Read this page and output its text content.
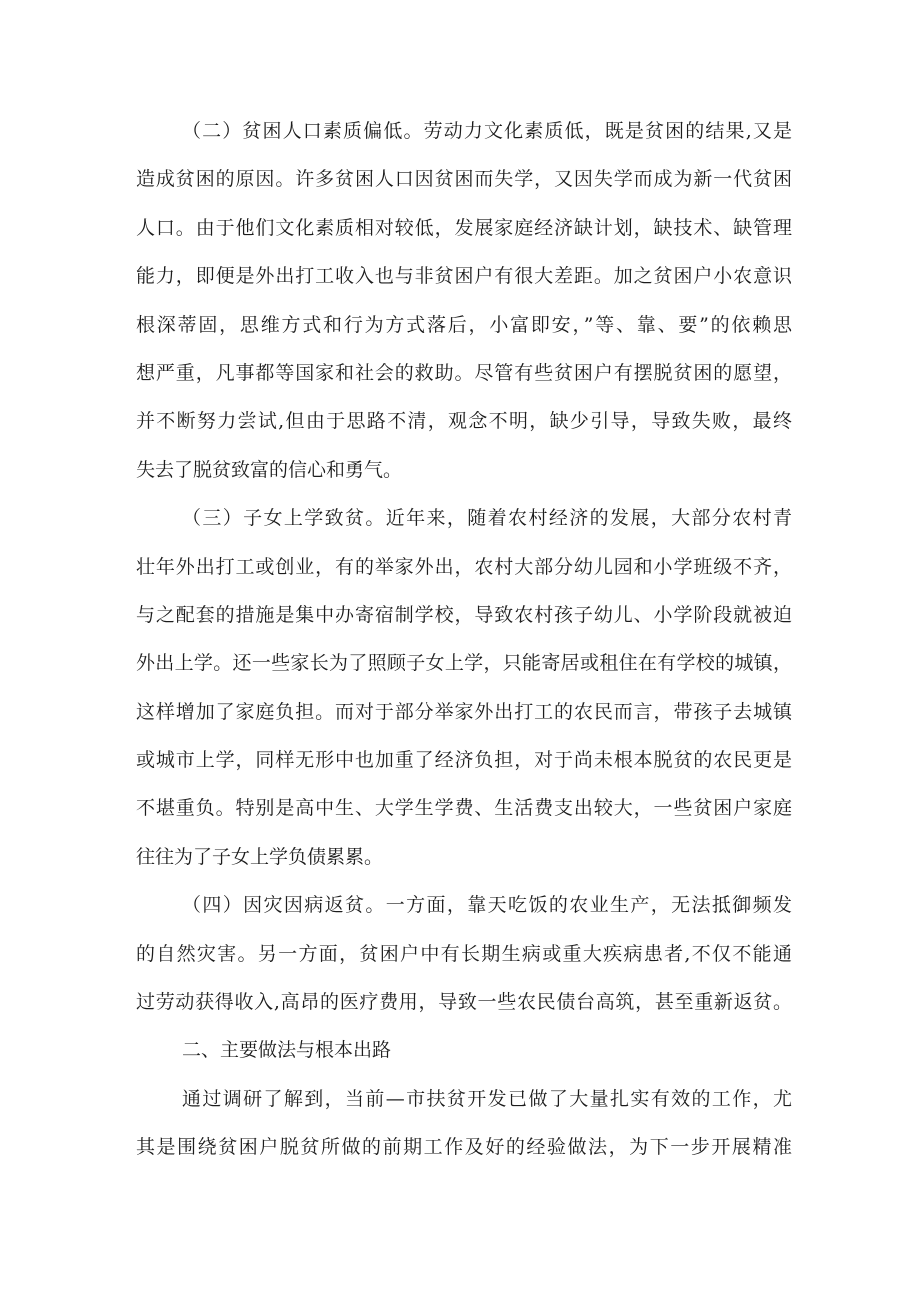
（二）贫困人口素质偏低。劳动力文化素质低，既是贫困的结果,又是
造成贫困的原因。许多贫困人口因贫困而失学，又因失学而成为新一代贫困
人口。由于他们文化素质相对较低，发展家庭经济缺计划，缺技术、缺管理
能力，即便是外出打工收入也与非贫困户有很大差距。加之贫困户小农意识
根深蒂固，思维方式和行为方式落后，小富即安，”等、靠、要”的依赖思
想严重，凡事都等国家和社会的救助。尽管有些贫困户有摆脱贫困的愿望，
并不断努力尝试,但由于思路不清，观念不明，缺少引导，导致失败，最终
失去了脱贫致富的信心和勇气。
（三）子女上学致贫。近年来，随着农村经济的发展，大部分农村青
壮年外出打工或创业，有的举家外出，农村大部分幼儿园和小学班级不齐，
与之配套的措施是集中办寄宿制学校，导致农村孩子幼儿、小学阶段就被迫
外出上学。还一些家长为了照顾子女上学，只能寄居或租住在有学校的城镇，
这样增加了家庭负担。而对于部分举家外出打工的农民而言，带孩子去城镇
或城市上学，同样无形中也加重了经济负担，对于尚未根本脱贫的农民更是
不堪重负。特别是高中生、大学生学费、生活费支出较大，一些贫困户家庭
往往为了子女上学负债累累。
（四）因灾因病返贫。一方面，靠天吃饭的农业生产，无法抵御频发
的自然灾害。另一方面，贫困户中有长期生病或重大疾病患者,不仅不能通
过劳动获得收入,高昂的医疗费用，导致一些农民债台高筑，甚至重新返贫。
二、主要做法与根本出路
通过调研了解到，当前—市扶贫开发已做了大量扎实有效的工作，尤
其是围绕贫困户脱贫所做的前期工作及好的经验做法，为下一步开展精准
